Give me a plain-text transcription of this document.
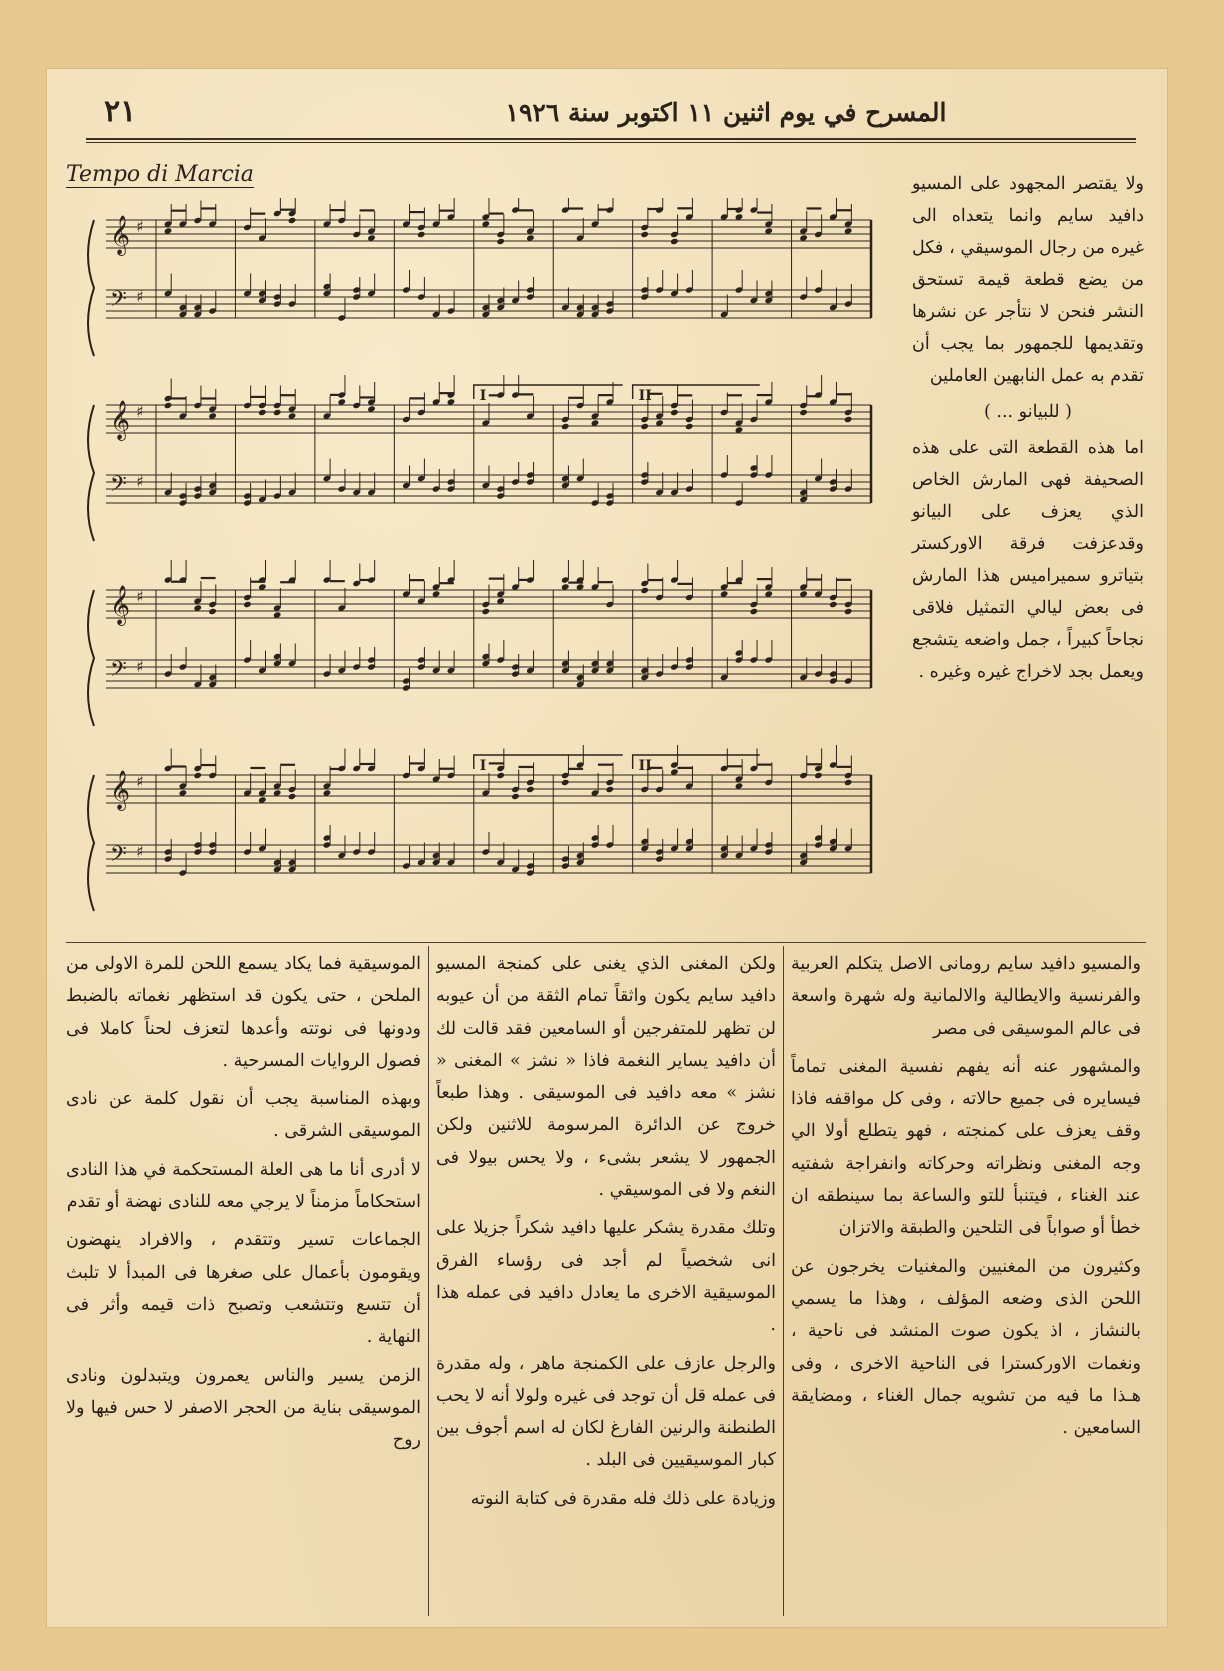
المسرح في يوم اثنين ١١ اكتوبر سنة ١٩٢٦
٢١
Tempo di Marcia
𝄞 ♯
𝄢 ♯
𝄞 ♯
𝄢 ♯
I	II
𝄞 ♯
𝄢 ♯
𝄞 ♯
𝄢 ♯
I	II

ولا يقتصر المجهود على المسيو دافيد سايم وانما يتعداه الى غيره من رجال الموسيقي ، فكل من يضع قطعة قيمة تستحق النشر فنحن لا نتأجر عن نشرها وتقديمها للجمهور بما يجب أن تقدم به عمل النابهين العاملين

( للبيانو ... )

اما هذه القطعة التى على هذه الصحيفة فهى المارش الخاص الذي يعزف على البيانو وقدعزفت فرقة الاوركستر بتياترو سميراميس هذا المارش فى بعض ليالي التمثيل فلاقى نجاحاً كبيراً ، جمل واضعه يتشجع ويعمل بجد لاخراج غيره وغيره .

والمسيو دافيد سايم رومانى الاصل يتكلم العربية والفرنسية والايطالية والالمانية وله شهرة واسعة فى عالم الموسيقى فى مصر

والمشهور عنه أنه يفهم نفسية المغنى تماماً فيسايره فى جميع حالاته ، وفى كل مواقفه فاذا وقف يعزف على كمنجته ، فهو يتطلع أولا الي وجه المغنى ونظراته وحركاته وانفراجة شفتيه عند الغناء ، فيتنبأ للتو والساعة بما سينطقه ان خطأ أو صواباً فى التلحين والطبقة والاتزان

وكثيرون من المغنيين والمغنيات يخرجون عن اللحن الذى وضعه المؤلف ، وهذا ما يسمي بالنشاز ، اذ يكون صوت المنشد فى ناحية ، ونغمات الاوركسترا فى الناحية الاخرى ، وفى هـذا ما فيه من تشويه جمال الغناء ، ومضايقة السامعين .

ولكن المغنى الذي يغنى على كمنجة المسيو دافيد سايم يكون واثقاً تمام الثقة من أن عيوبه لن تظهر للمتفرجين أو السامعين فقد قالت لك أن دافيد يساير النغمة فاذا « نشز » المغنى « نشز » معه دافيد فى الموسيقى . وهذا طبعاً خروج عن الدائرة المرسومة للاثنين ولكن الجمهور لا يشعر بشىء ، ولا يحس بيولا فى النغم ولا فى الموسيقي .

وتلك مقدرة يشكر عليها دافيد شكراً جزيلا على انى شخصياً لم أجد فى رؤساء الفرق الموسيقية الاخرى ما يعادل دافيد فى عمله هذا .

والرجل عازف على الكمنجة ماهر ، وله مقدرة فى عمله قل أن توجد فى غيره ولولا أنه لا يحب الطنطنة والرنين الفارغ لكان له اسم أجوف بين كبار الموسيقيين فى البلد .

وزيادة على ذلك فله مقدرة فى كتابة النوته

الموسيقية فما يكاد يسمع اللحن للمرة الاولى من الملحن ، حتى يكون قد استظهر نغماته بالضبط ودونها فى نوتته وأعدها لتعزف لحناً كاملا فى فصول الروايات المسرحية .

وبهذه المناسبة يجب أن نقول كلمة عن نادى الموسيقى الشرقى .

لا أدرى أنا ما هى العلة المستحكمة في هذا النادى استحكاماً مزمناً لا يرجي معه للنادى نهضة أو تقدم

الجماعات تسير وتتقدم ، والافراد ينهضون ويقومون بأعمال على صغرها فى المبدأ لا تلبث أن تتسع وتتشعب وتصبح ذات قيمه وأثر فى النهاية .

الزمن يسير والناس يعمرون ويتبدلون ونادى الموسيقى بناية من الحجر الاصفر لا حس فيها ولا روح
